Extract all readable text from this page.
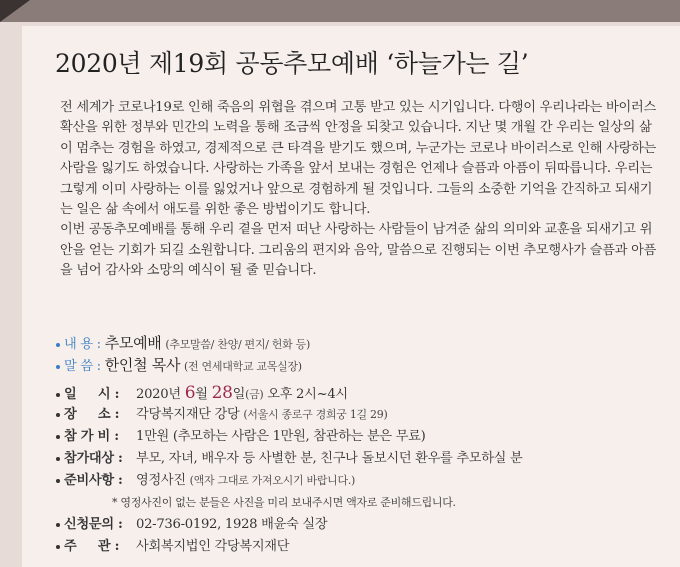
2020년 제19회 공동추모예배 ‘하늘가는 길’

전 세계가 코로나19로 인해 죽음의 위협을 겪으며 고통 받고 있는 시기입니다. 다행이 우리나라는 바이러스 확산을 위한 정부와 민간의 노력을 통해 조금씩 안정을 되찾고 있습니다. 지난 몇 개월 간 우리는 일상의 삶이 멈추는 경험을 하였고, 경제적으로 큰 타격을 받기도 했으며, 누군가는 코로나 바이러스로 인해 사랑하는 사람을 잃기도 하였습니다. 사랑하는 가족을 앞서 보내는 경험은 언제나 슬픔과 아픔이 뒤따릅니다. 우리는 그렇게 이미 사랑하는 이를 잃었거나 앞으로 경험하게 될 것입니다. 그들의 소중한 기억을 간직하고 되새기는 일은 삶 속에서 애도를 위한 좋은 방법이기도 합니다.

이번 공동추모예배를 통해 우리 곁을 먼저 떠난 사랑하는 사람들이 남겨준 삶의 의미와 교훈을 되새기고 위안을 얻는 기회가 되길 소원합니다. 그리움의 편지와 음악, 말씀으로 진행되는 이번 추모행사가 슬픔과 아픔을 넘어 감사와 소망의 예식이 될 줄 믿습니다.

내 용 : 추모예배 (추모말씀/ 찬양/ 편지/ 헌화 등)
말 씀 : 한인철 목사 (전 연세대학교 교목실장)
일     시 : 2020년 6월 28일(금) 오후 2시~4시
장     소 : 각당복지재단 강당 (서울시 종로구 경희궁 1길 29)
참 가 비 : 1만원 (추모하는 사람은 1만원, 참관하는 분은 무료)
참가대상 : 부모, 자녀, 배우자 등 사별한 분, 친구나 돌보시던 환우를 추모하실 분
준비사항 : 영정사진 (액자 그대로 가져오시기 바랍니다.)
* 영정사진이 없는 분들은 사진을 미리 보내주시면 액자로 준비해드립니다.
신청문의 : 02-736-0192, 1928 배윤숙 실장
주     관 : 사회복지법인 각당복지재단
